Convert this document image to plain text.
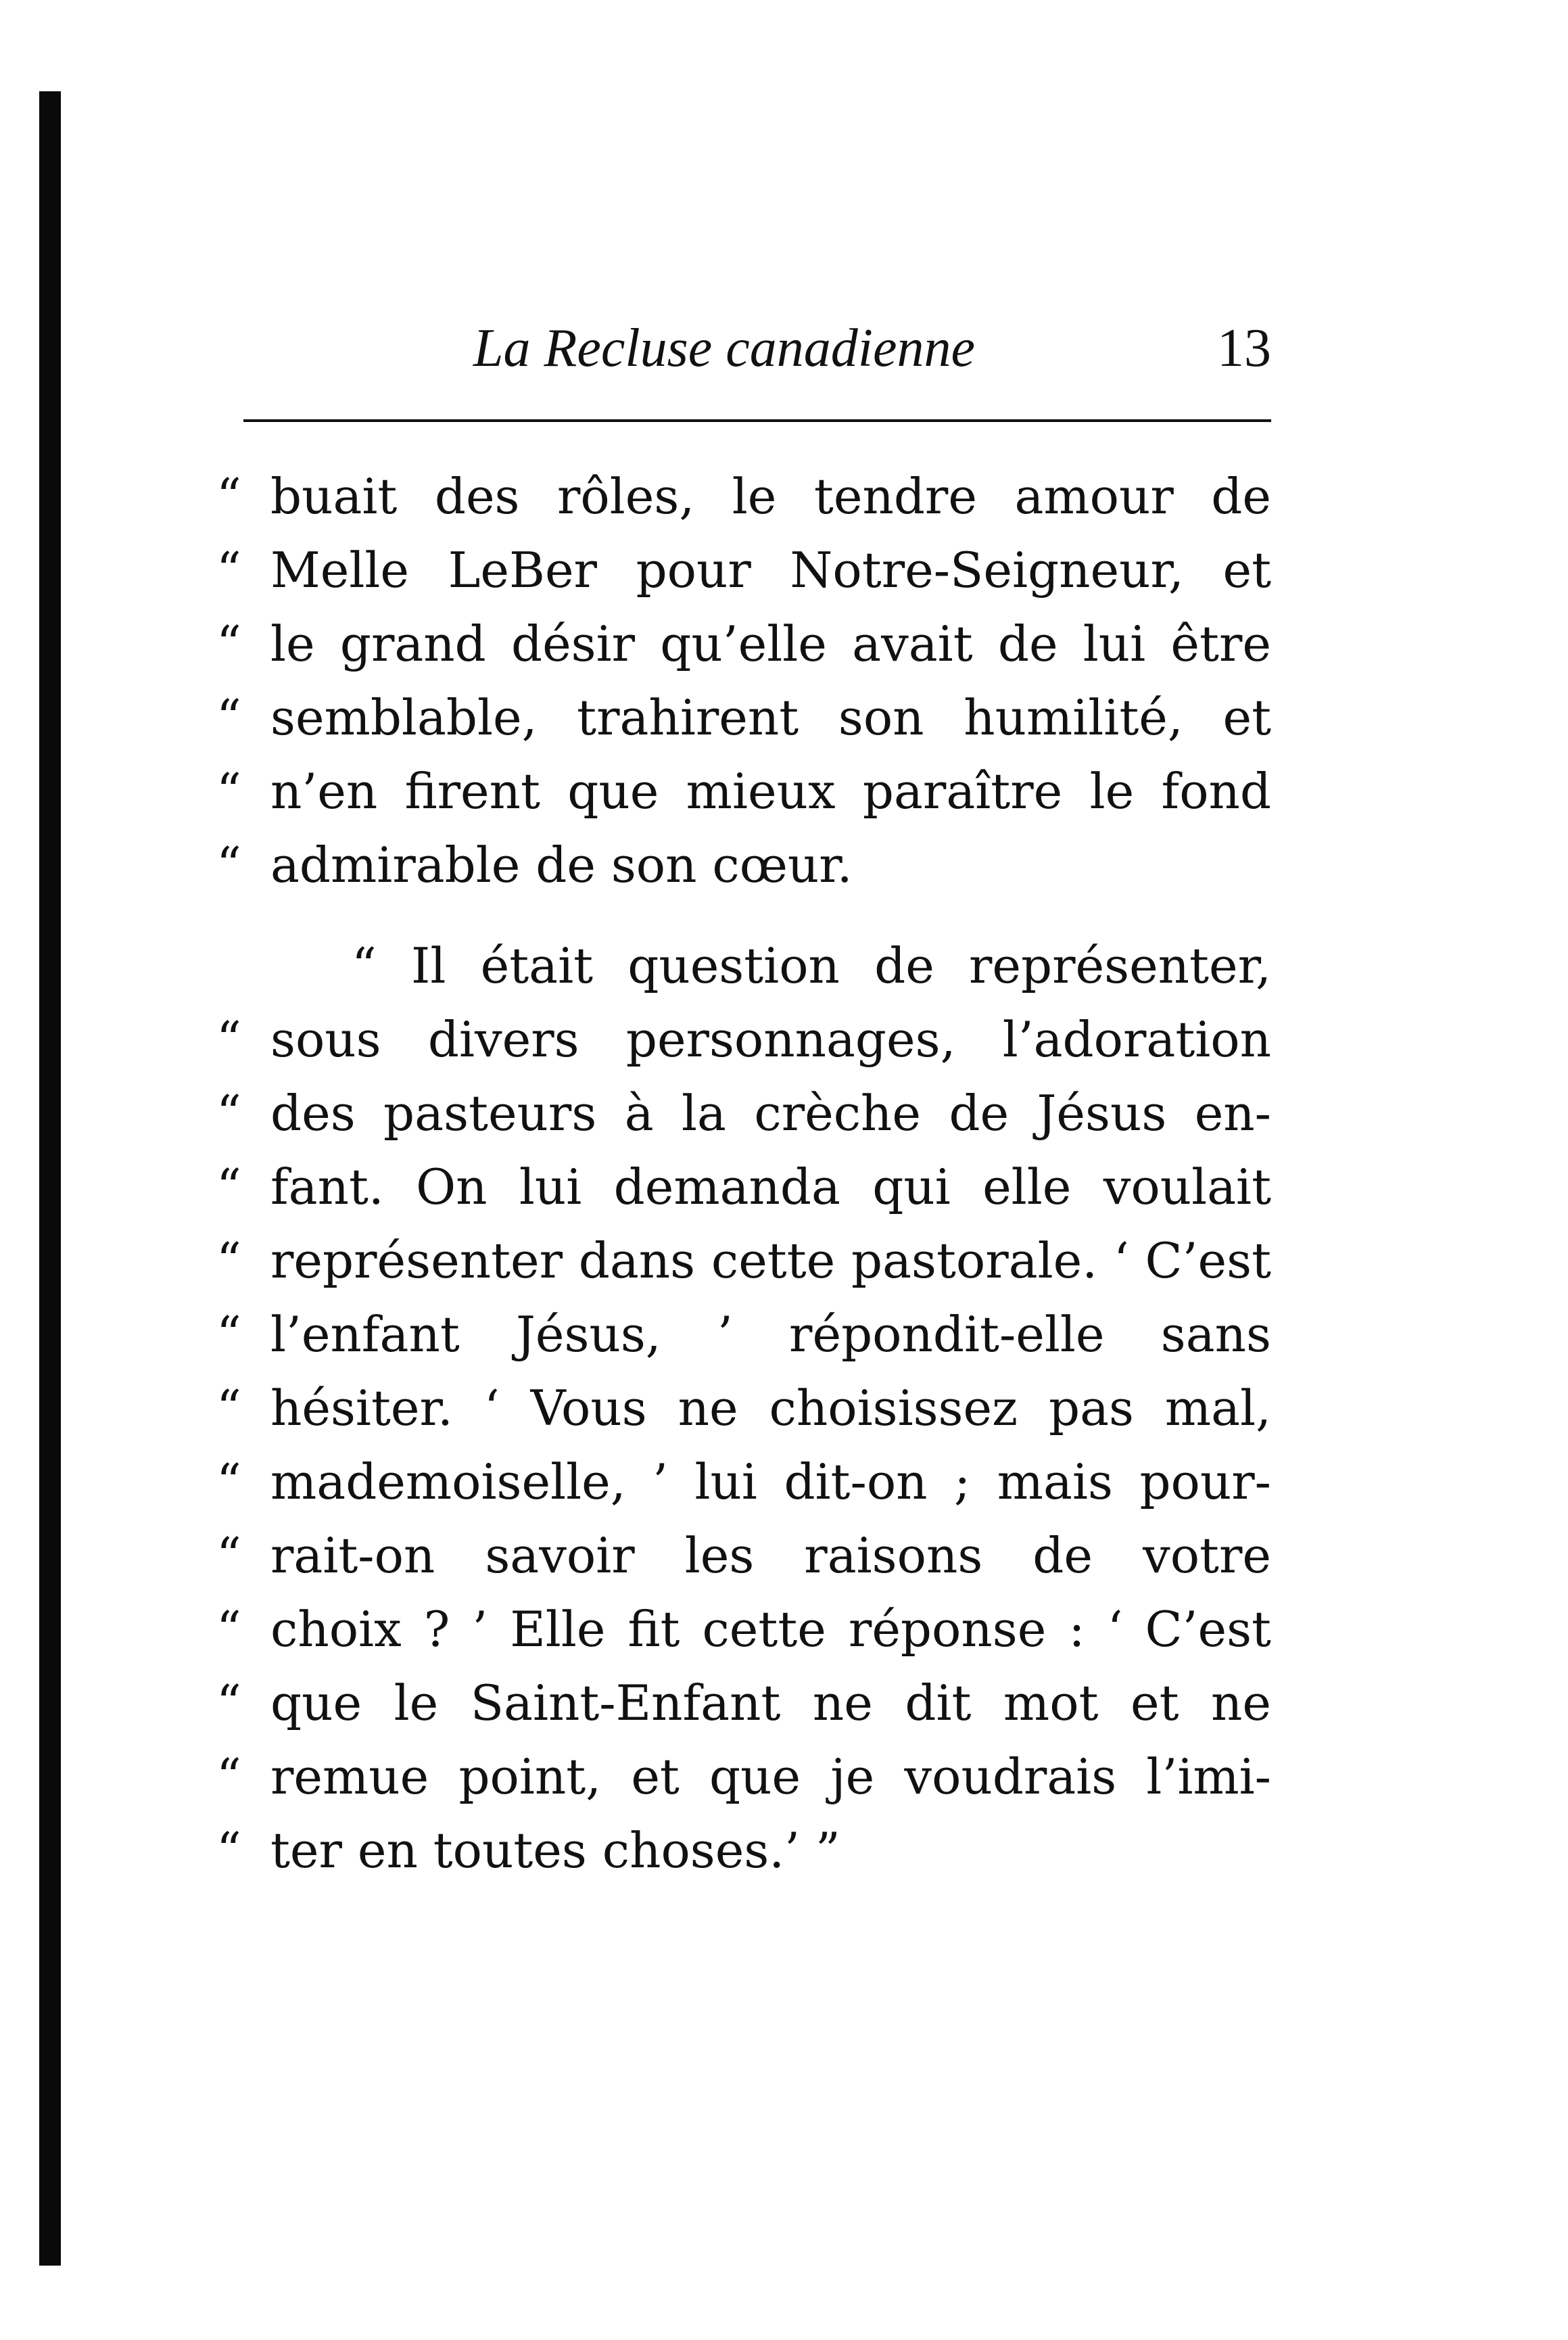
La Recluse canadienne	13
“ buait des rôles, le tendre amour de
“ Melle LeBer pour Notre-Seigneur, et
“ le grand désir qu’elle avait de lui être
“ semblable, trahirent son humilité, et
“ n’en firent que mieux paraître le fond
“ admirable de son cœur.
“ Il était question de représenter,
“ sous divers personnages, l’adoration
“ des pasteurs à la crèche de Jésus en-
“ fant. On lui demanda qui elle voulait
“ représenter dans cette pastorale. ‘ C’est
“ l’enfant Jésus, ’ répondit-elle sans
“ hésiter. ‘ Vous ne choisissez pas mal,
“ mademoiselle, ’ lui dit-on ; mais pour-
“ rait-on savoir les raisons de votre
“ choix ? ’ Elle fit cette réponse : ‘ C’est
“ que le Saint-Enfant ne dit mot et ne
“ remue point, et que je voudrais l’imi-
“ ter en toutes choses.’ ”
